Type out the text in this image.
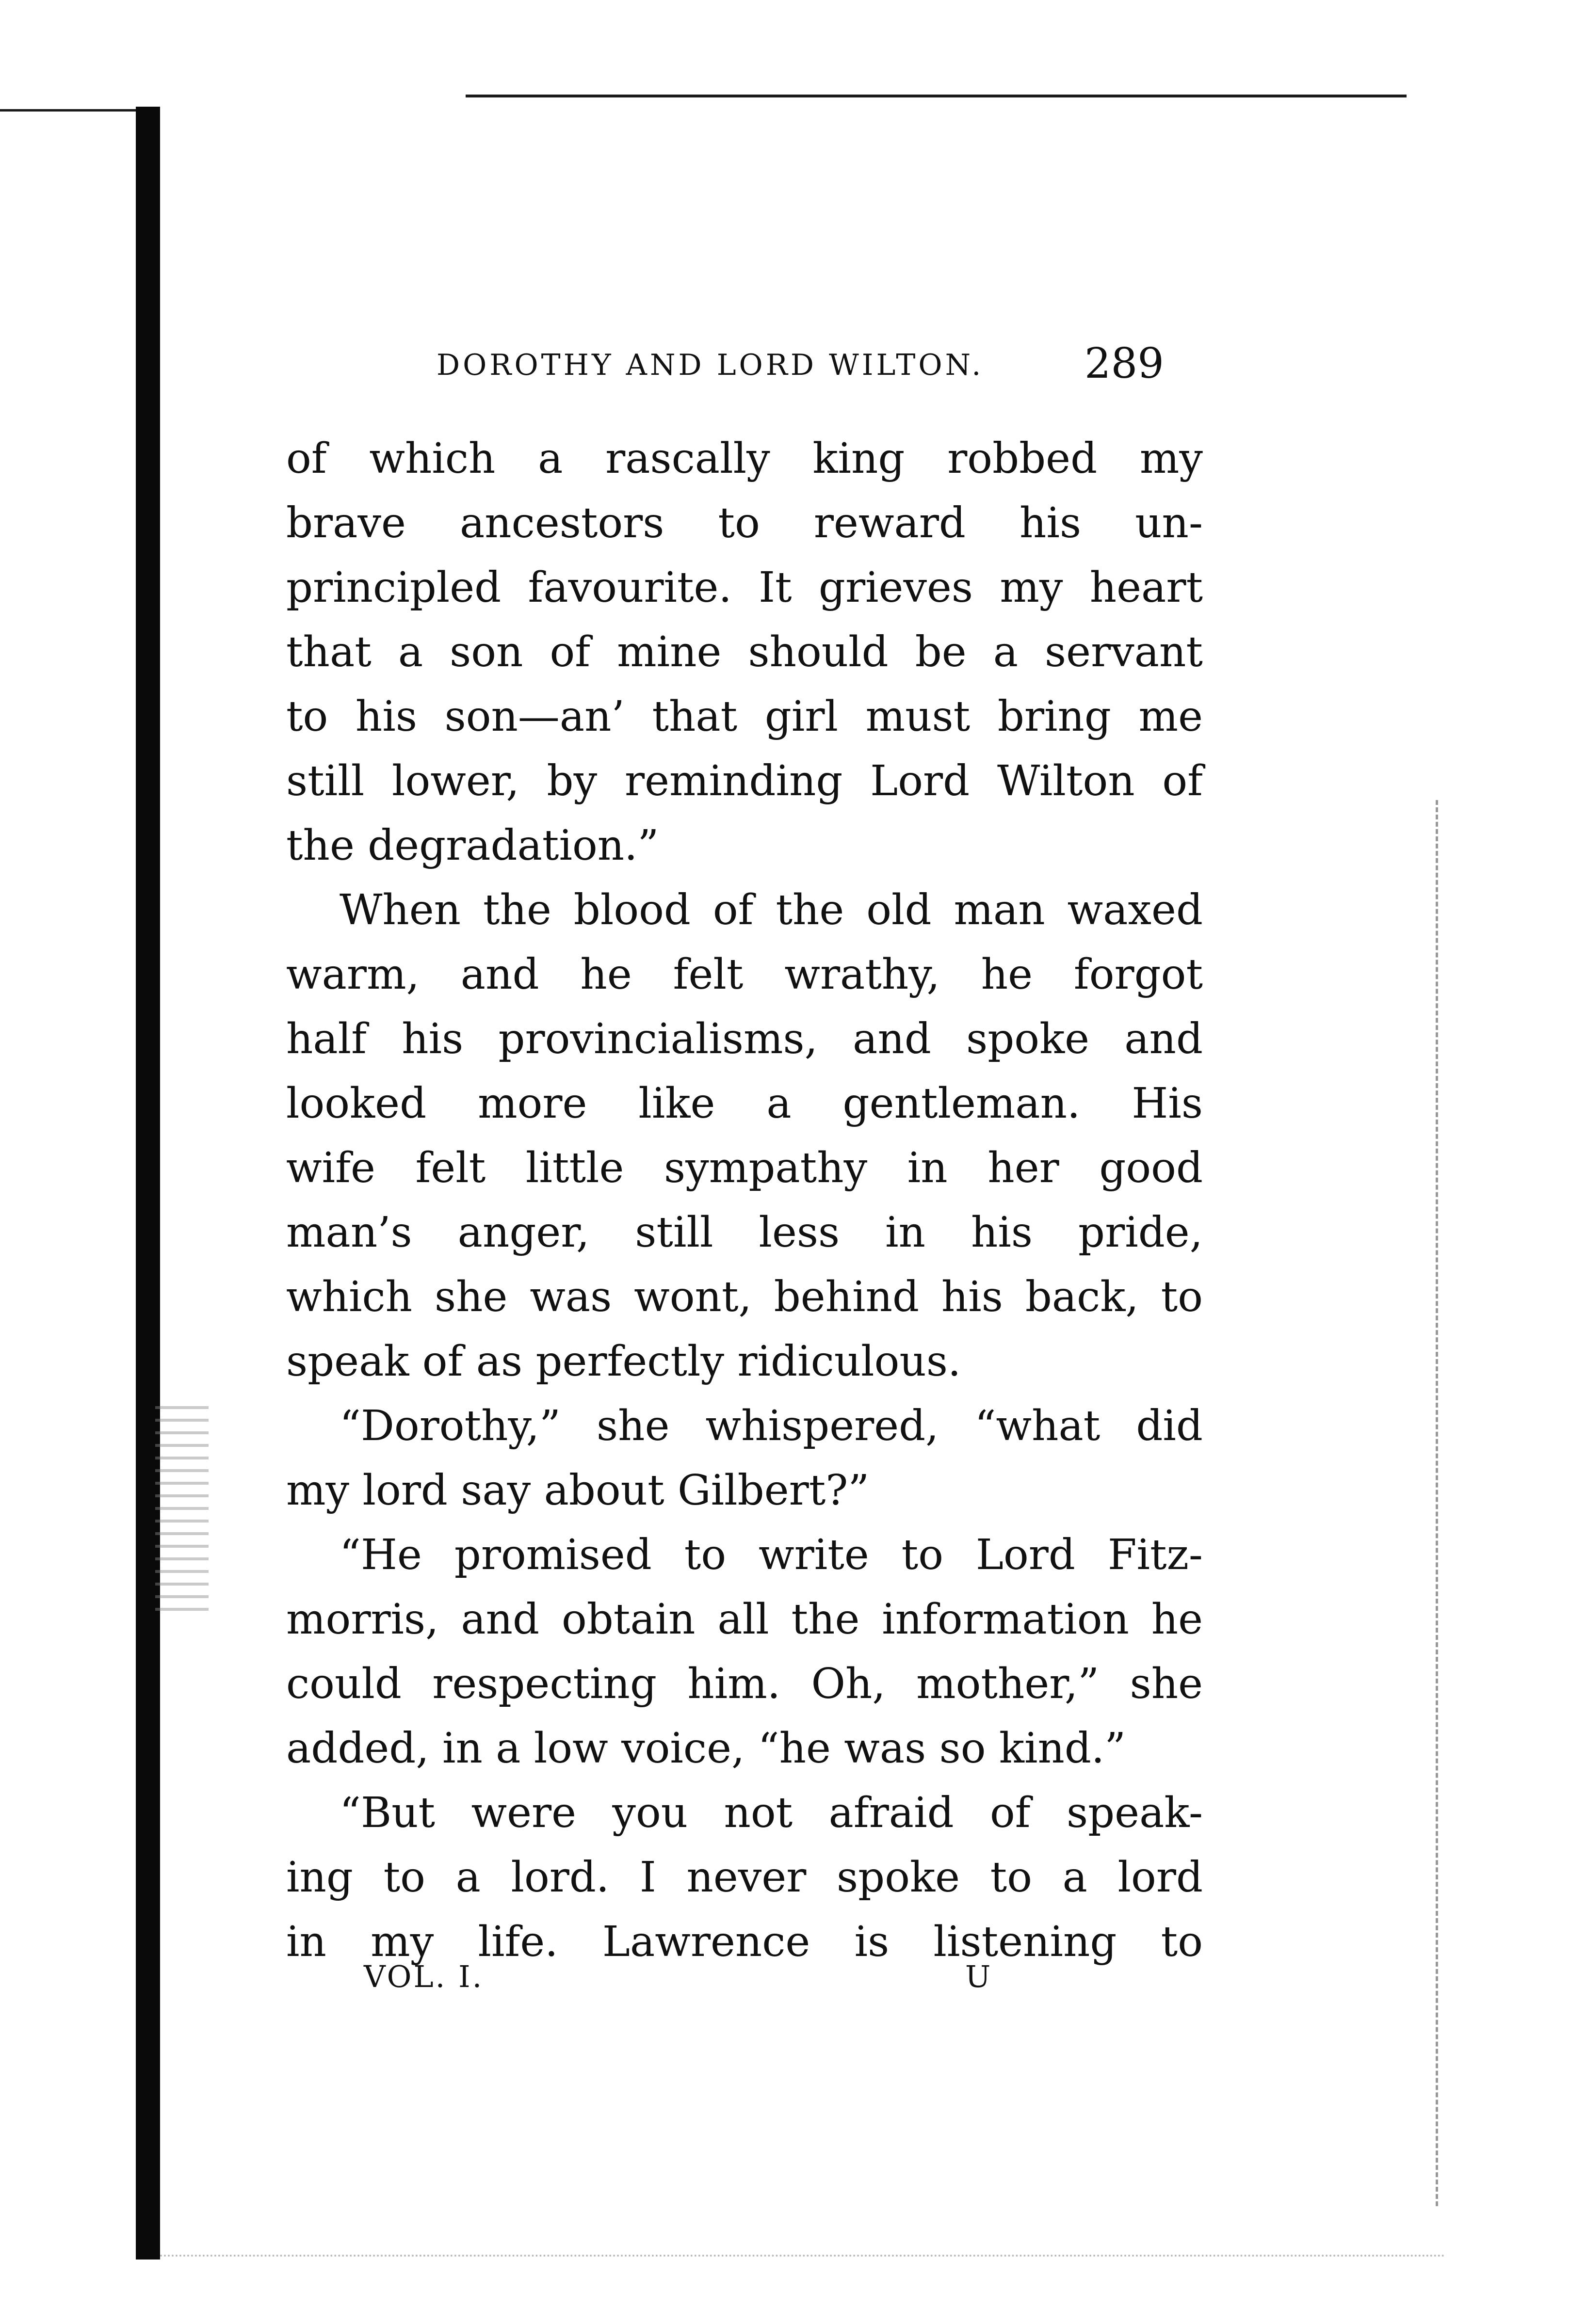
DOROTHY AND LORD WILTON. 289
of which a rascally king robbed my
brave ancestors to reward his un-
principled favourite. It grieves my heart
that a son of mine should be a servant
to his son—an’ that girl must bring me
still lower, by reminding Lord Wilton of
the degradation.”
When the blood of the old man waxed
warm, and he felt wrathy, he forgot
half his provincialisms, and spoke and
looked more like a gentleman. His
wife felt little sympathy in her good
man’s anger, still less in his pride,
which she was wont, behind his back, to
speak of as perfectly ridiculous.
“Dorothy,” she whispered, “what did
my lord say about Gilbert?”
“He promised to write to Lord Fitz-
morris, and obtain all the information he
could respecting him. Oh, mother,” she
added, in a low voice, “he was so kind.”
“But were you not afraid of speak-
ing to a lord. I never spoke to a lord
in my life. Lawrence is listening to
VOL. I.	U
